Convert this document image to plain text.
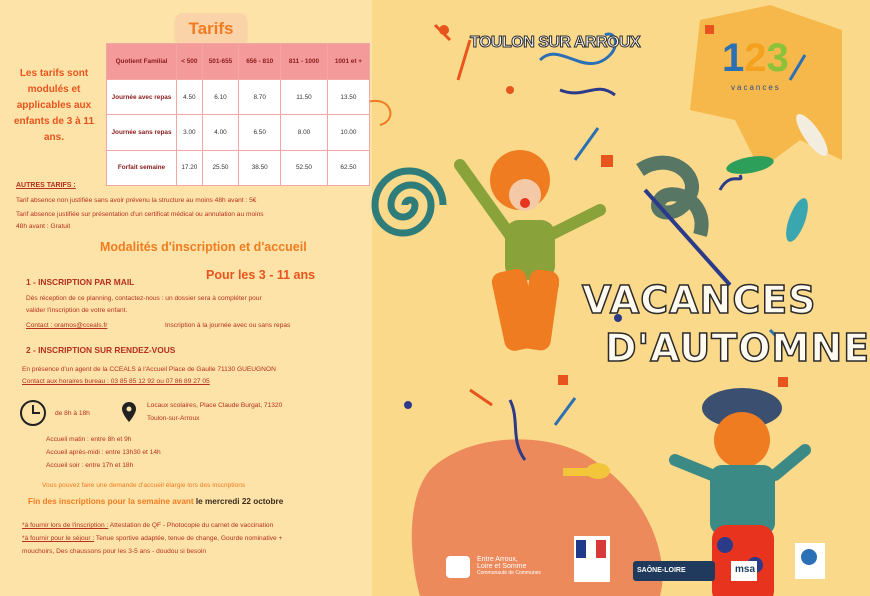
Tarifs
Les tarifs sont modulés et applicables aux enfants de 3 à 11 ans.
Quotient Familial	< 500	501-655	656 - 810	811 - 1000	1001 et +
Journée avec repas	4.50	6.10	8.70	11.50	13.50
Journée sans repas	3.00	4.00	6.50	8.00	10.00
Forfait semaine	17.20	25.50	38.50	52.50	62.50
AUTRES TARIFS :
Tarif absence non justifiée sans avoir prévenu la structure au moins 48h avant : 5€
Tarif absence justifiée sur présentation d'un certificat médical ou annulation au moins
48h avant : Gratuit
Modalités d'inscription et d'accueil
Pour les 3 - 11 ans
1 - INSCRIPTION PAR MAIL
Dès réception de ce planning, contactez-nous : un dossier sera à compléter pour
valider l'inscription de votre enfant.
Contact : oramos@cceals.fr	Inscription à la journée avec ou sans repas
2 - INSCRIPTION SUR RENDEZ-VOUS
En présence d'un agent de la CCEALS à l'Accueil Place de Gaulle 71130 GUEUGNON
Contact aux horaires bureau : 03 85 85 12 92 ou 07 86 89 27 05
de 8h à 18h
Locaux scolaires, Place Claude Burgat, 71320
Toulon-sur-Arroux
Accueil matin : entre 8h et 9h
Accueil après-midi : entre 13h30 et 14h
Accueil soir : entre 17h et 18h
Vous pouvez faire une demande d'accueil élargie lors des inscriptions
Fin des inscriptions pour la semaine avant le mercredi 22 octobre
*à fournir lors de l'inscription : Attestation de QF - Photocopie du carnet de vaccination
*à fournir pour le séjour : Tenue sportive adaptée, tenue de change, Gourde nominative +
mouchoirs, Des chaussons pour les 3-5 ans - doudou si besoin
TOULON SUR ARROUX 123
vacances
VACANCES
D'AUTOMNE
Entre Arroux,
Loire et Somme
Communauté de Communes	SAÔNE-LOIRE	msa
